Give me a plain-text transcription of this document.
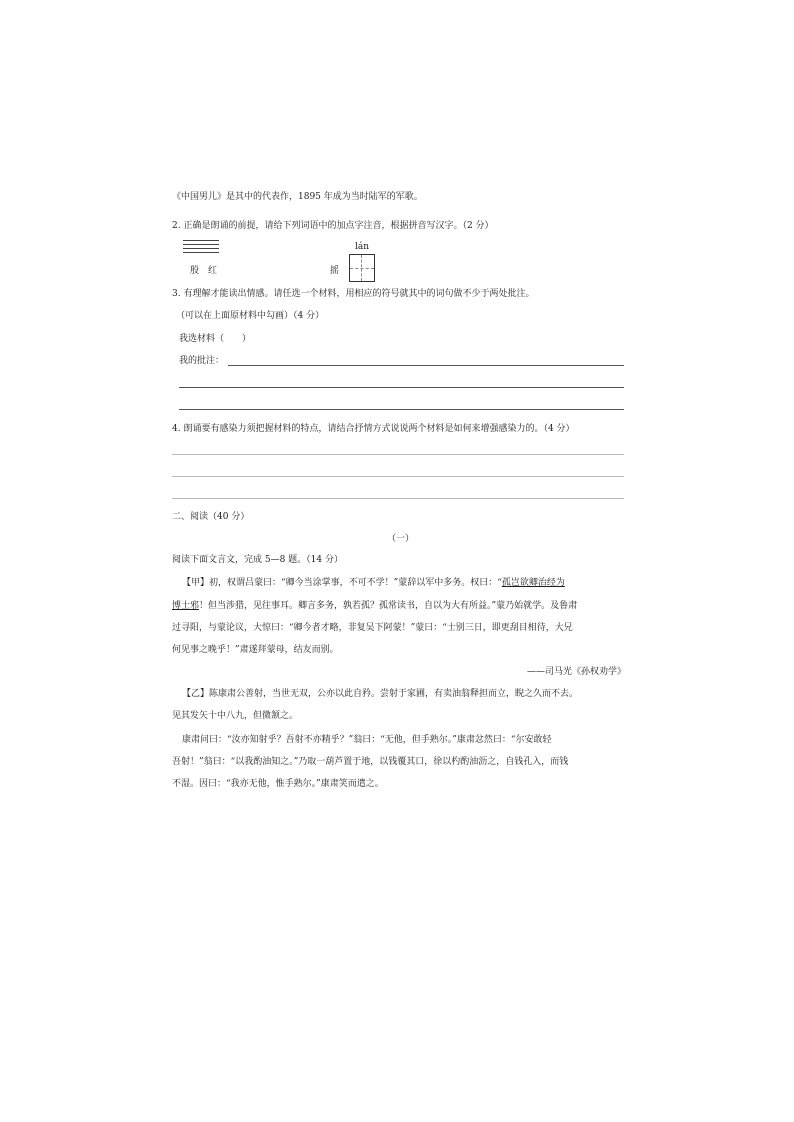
《中国男儿》是其中的代表作，1895 年成为当时陆军的军歌。
2. 正确是朗诵的前提，请给下列词语中的加点字注音，根据拼音写汉字。（2 分）
殷　红
lán
摇
3. 有理解才能读出情感。请任选一个材料，用相应的符号就其中的词句做不少于两处批注。
（可以在上面原材料中勾画）（4 分）
我选材料（　　）
我的批注：
4. 朗诵要有感染力须把握材料的特点，请结合抒情方式说说两个材料是如何来增强感染力的。（4 分）
二、阅读（40 分）
（一）
阅读下面文言文，完成 5—8 题。（14 分）
【甲】初，权谓吕蒙曰：“卿今当涂掌事，不可不学！”蒙辞以军中多务。权曰：“孤岂欲卿治经为
博士邪！但当涉猎，见往事耳。卿言多务，孰若孤？孤常读书，自以为大有所益。”蒙乃始就学。及鲁肃
过寻阳，与蒙论议，大惊曰：“卿今者才略，非复吴下阿蒙！”蒙曰：“士别三日，即更刮目相待，大兄
何见事之晚乎！”肃遂拜蒙母，结友而别。
——司马光《孙权劝学》
【乙】陈康肃公善射，当世无双，公亦以此自矜。尝射于家圃，有卖油翁释担而立，睨之久而不去。
见其发矢十中八九，但微颔之。
康肃问曰：“汝亦知射乎？吾射不亦精乎？”翁曰：“无他，但手熟尔。”康肃忿然曰：“尔安敢轻
吾射！”翁曰：“以我酌油知之。”乃取一葫芦置于地，以钱覆其口，徐以杓酌油沥之，自钱孔入，而钱
不湿。因曰：“我亦无他，惟手熟尔。”康肃笑而遣之。
